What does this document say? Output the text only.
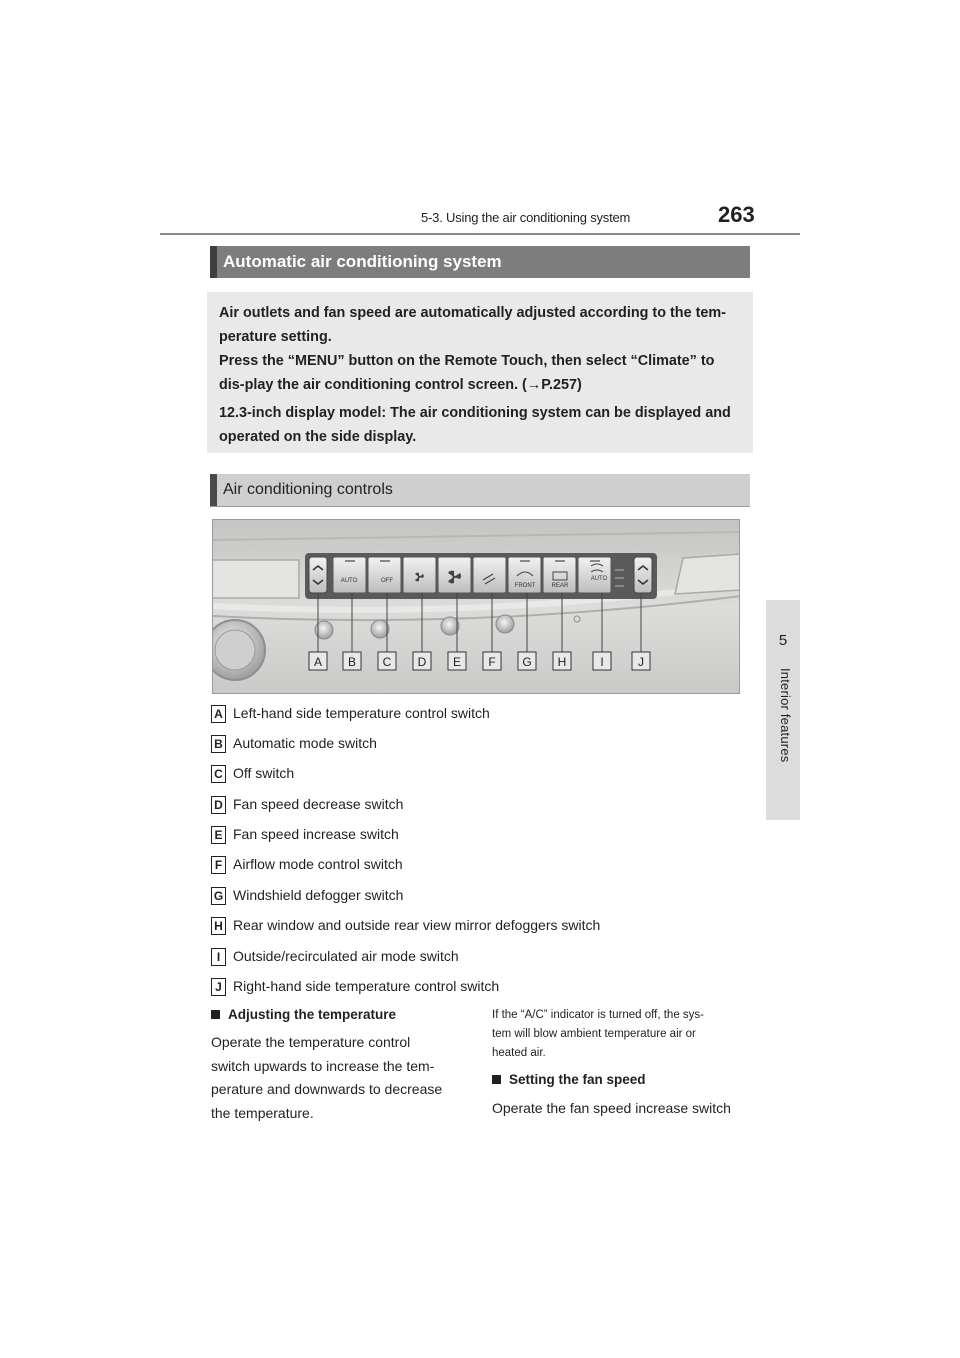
5-3. Using the air conditioning system	263
5
Interior features
Automatic air conditioning system

Air outlets and fan speed are automatically adjusted according to the tem-perature setting.

Press the “MENU” button on the Remote Touch, then select “Climate” to dis-play the air conditioning control screen. (→P.257)

12.3-inch display model: The air conditioning system can be displayed and operated on the side display.

Air conditioning controls
AUTO	OFF
FRONT	REAR
AUTO
A B C D E F G H	I	J
A Left-hand side temperature control switch
B Automatic mode switch
C Off switch
D Fan speed decrease switch
E Fan speed increase switch
F Airflow mode control switch
G Windshield defogger switch
H Rear window and outside rear view mirror defoggers switch
I Outside/recirculated air mode switch
J Right-hand side temperature control switch
Adjusting the temperature
Operate the temperature control
switch upwards to increase the tem-
perature and downwards to decrease
the temperature.
If the “A/C” indicator is turned off, the sys-
tem will blow ambient temperature air or
heated air.
Setting the fan speed
Operate the fan speed increase switch
